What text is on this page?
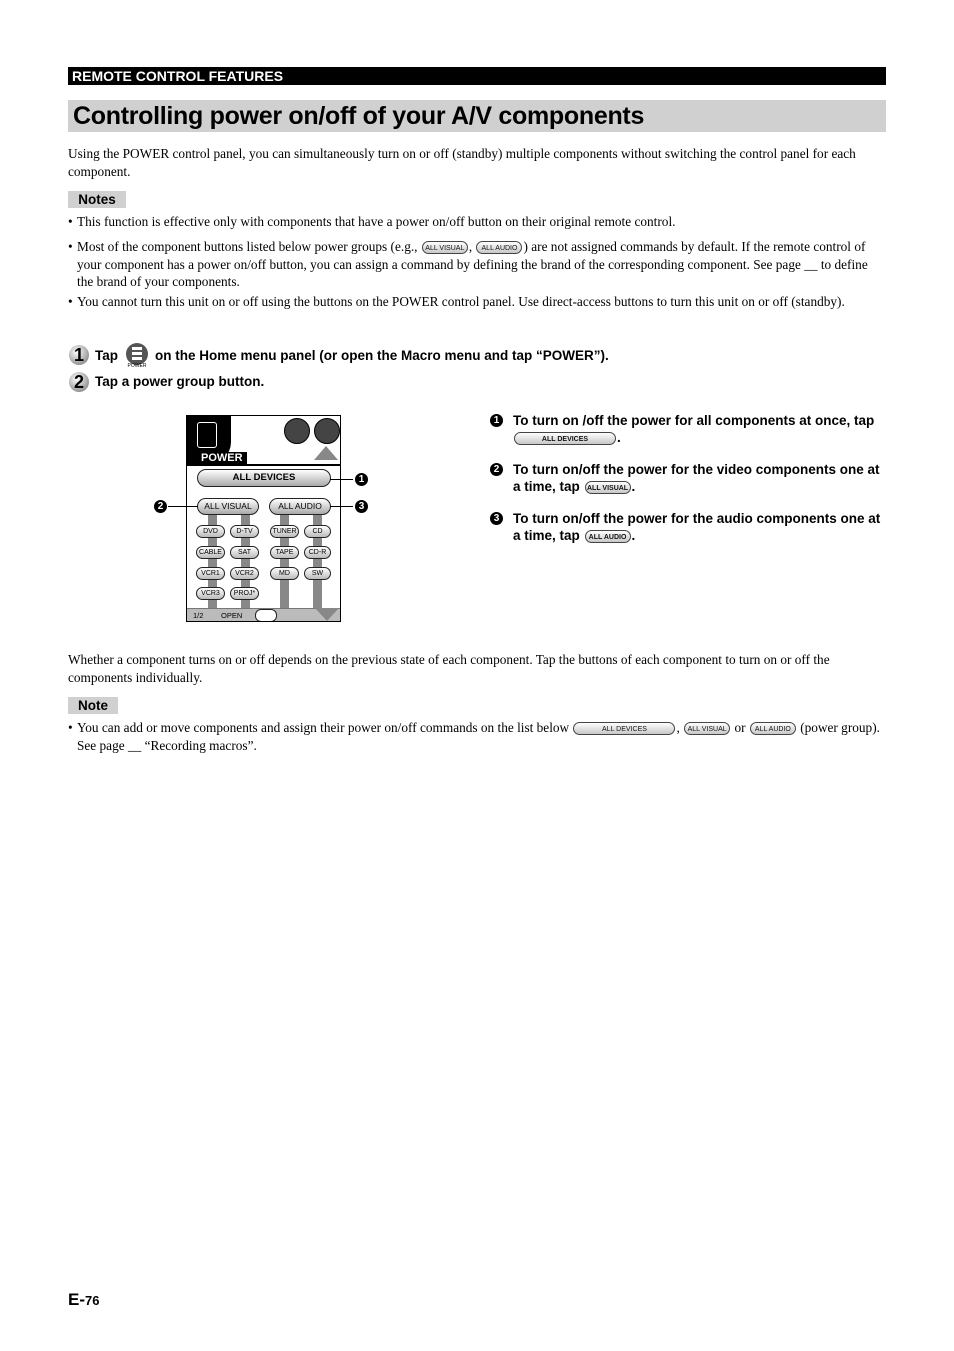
REMOTE CONTROL FEATURES
Controlling power on/off of your A/V components
Using the POWER control panel, you can simultaneously turn on or off (standby) multiple components without switching the control panel for each component.
Notes
• This function is effective only with components that have a power on/off button on their original remote control.
• Most of the component buttons listed below power groups (e.g., ALL VISUAL , ALL AUDIO ) are not assigned commands by default. If the remote control of your component has a power on/off button, you can assign a command by defining the brand of the corresponding component. See page __ to define the brand of your components.
• You cannot turn this unit on or off using the buttons on the POWER control panel. Use direct-access buttons to turn this unit on or off (standby).
1 Tap
POWER
on the Home menu panel (or open the Macro menu and tap “POWER”).
2 Tap a power group button.
POWER
ALL DEVICES
ALL VISUAL	ALL AUDIO
DVD
CABLE
VCR1
VCR3
D-TV
SAT
VCR2
PROJ*
TUNER
TAPE
MD
CD
CD-R
SW
1/2 OPEN
1
2	3
1 To turn on /off the power for all components at once, tap ALL DEVICES .
2 To turn on/off the power for the video components one at a time, tap ALL VISUAL .
3 To turn on/off the power for the audio components one at a time, tap ALL AUDIO .
Whether a component turns on or off depends on the previous state of each component. Tap the buttons of each component to turn on or off the components individually.
Note
• You can add or move components and assign their power on/off commands on the list below	ALL DEVICES , ALL VISUAL or ALL AUDIO (power group). See page __ “Recording macros”.
E-76
